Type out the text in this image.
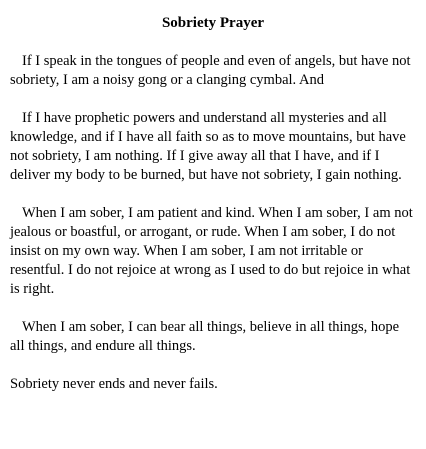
Sobriety Prayer

If I speak in the tongues of people and even of angels, but have not sobriety, I am a noisy gong or a clanging cymbal. And

If I have prophetic powers and understand all mysteries and all knowledge, and if I have all faith so as to move mountains, but have not sobriety, I am nothing. If I give away all that I have, and if I deliver my body to be burned, but have not sobriety, I gain nothing.

When I am sober, I am patient and kind. When I am sober, I am not jealous or boastful, or arrogant, or rude. When I am sober, I do not insist on my own way. When I am sober, I am not irritable or resentful. I do not rejoice at wrong as I used to do but rejoice in what is right.

When I am sober, I can bear all things, believe in all things, hope all things, and endure all things.

Sobriety never ends and never fails.
